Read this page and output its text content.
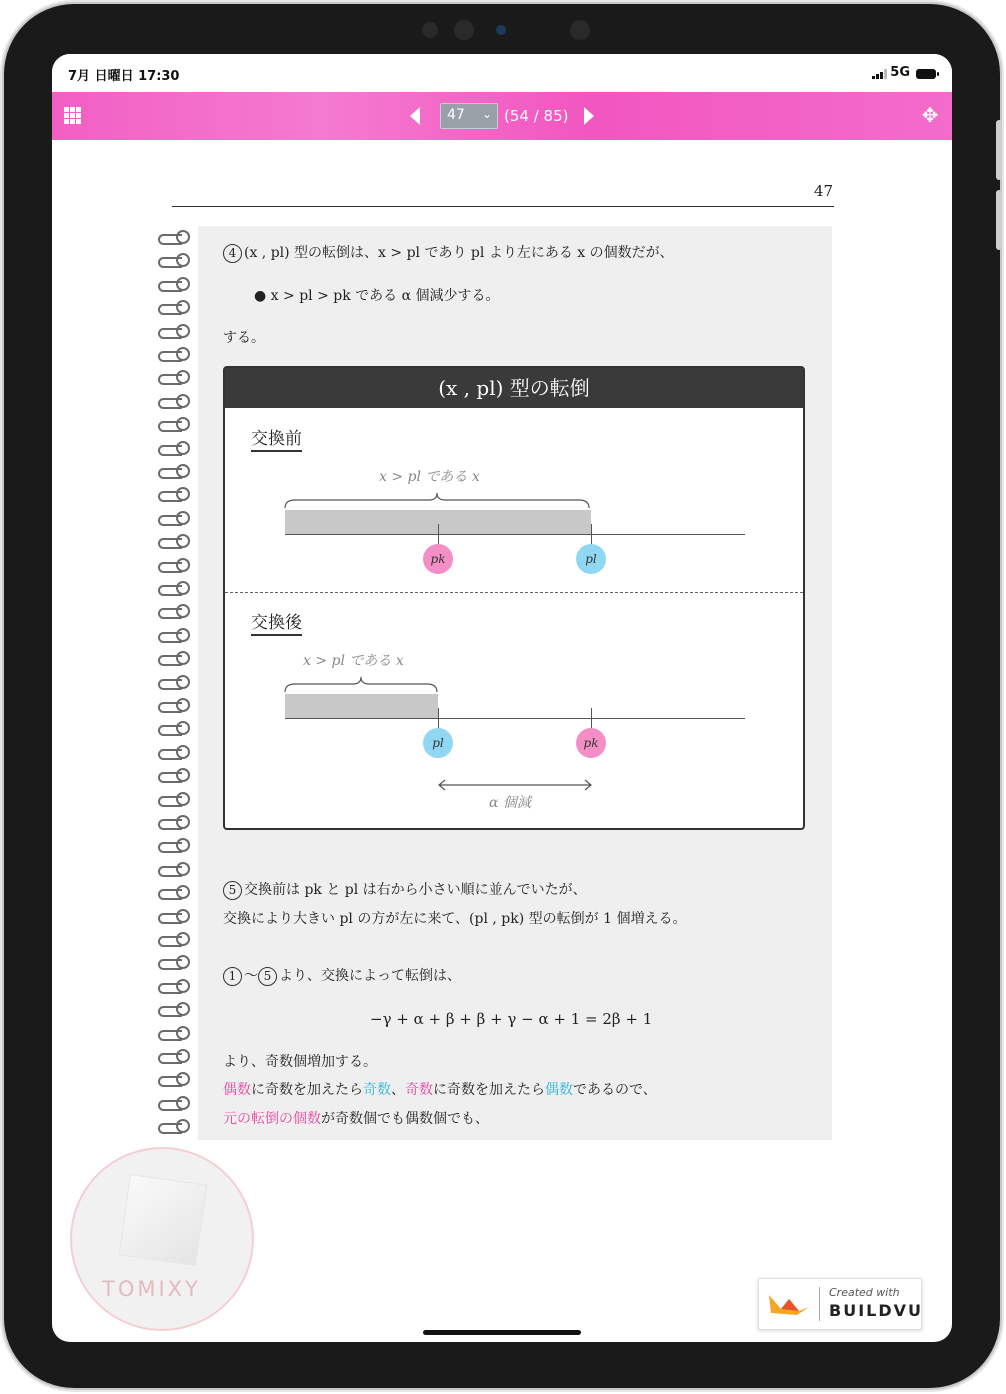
7月 日曜日 17:30	5G
47 ⌄ (54 / 85)	✥
47
4 (x , pl) 型の転倒は、x > pl であり pl より左にある x の個数だが、
● x > pl > pk である α 個減少する。
する。
(x , pl) 型の転倒
交換前
x > pl である x
pk	pl
交換後
x > pl である x
pl	pk
α 個減
5 交換前は pk と pl は右から小さい順に並んでいたが、
交換により大きい pl の方が左に来て、(pl , pk) 型の転倒が 1 個増える。
1 〜 5 より、交換によって転倒は、
−γ + α + β + β + γ − α + 1 = 2β + 1
より、奇数個増加する。
偶数に奇数を加えたら奇数、奇数に奇数を加えたら偶数であるので、
元の転倒の個数が奇数個でも偶数個でも、
TOMIXY	Created with
BUILDVU
